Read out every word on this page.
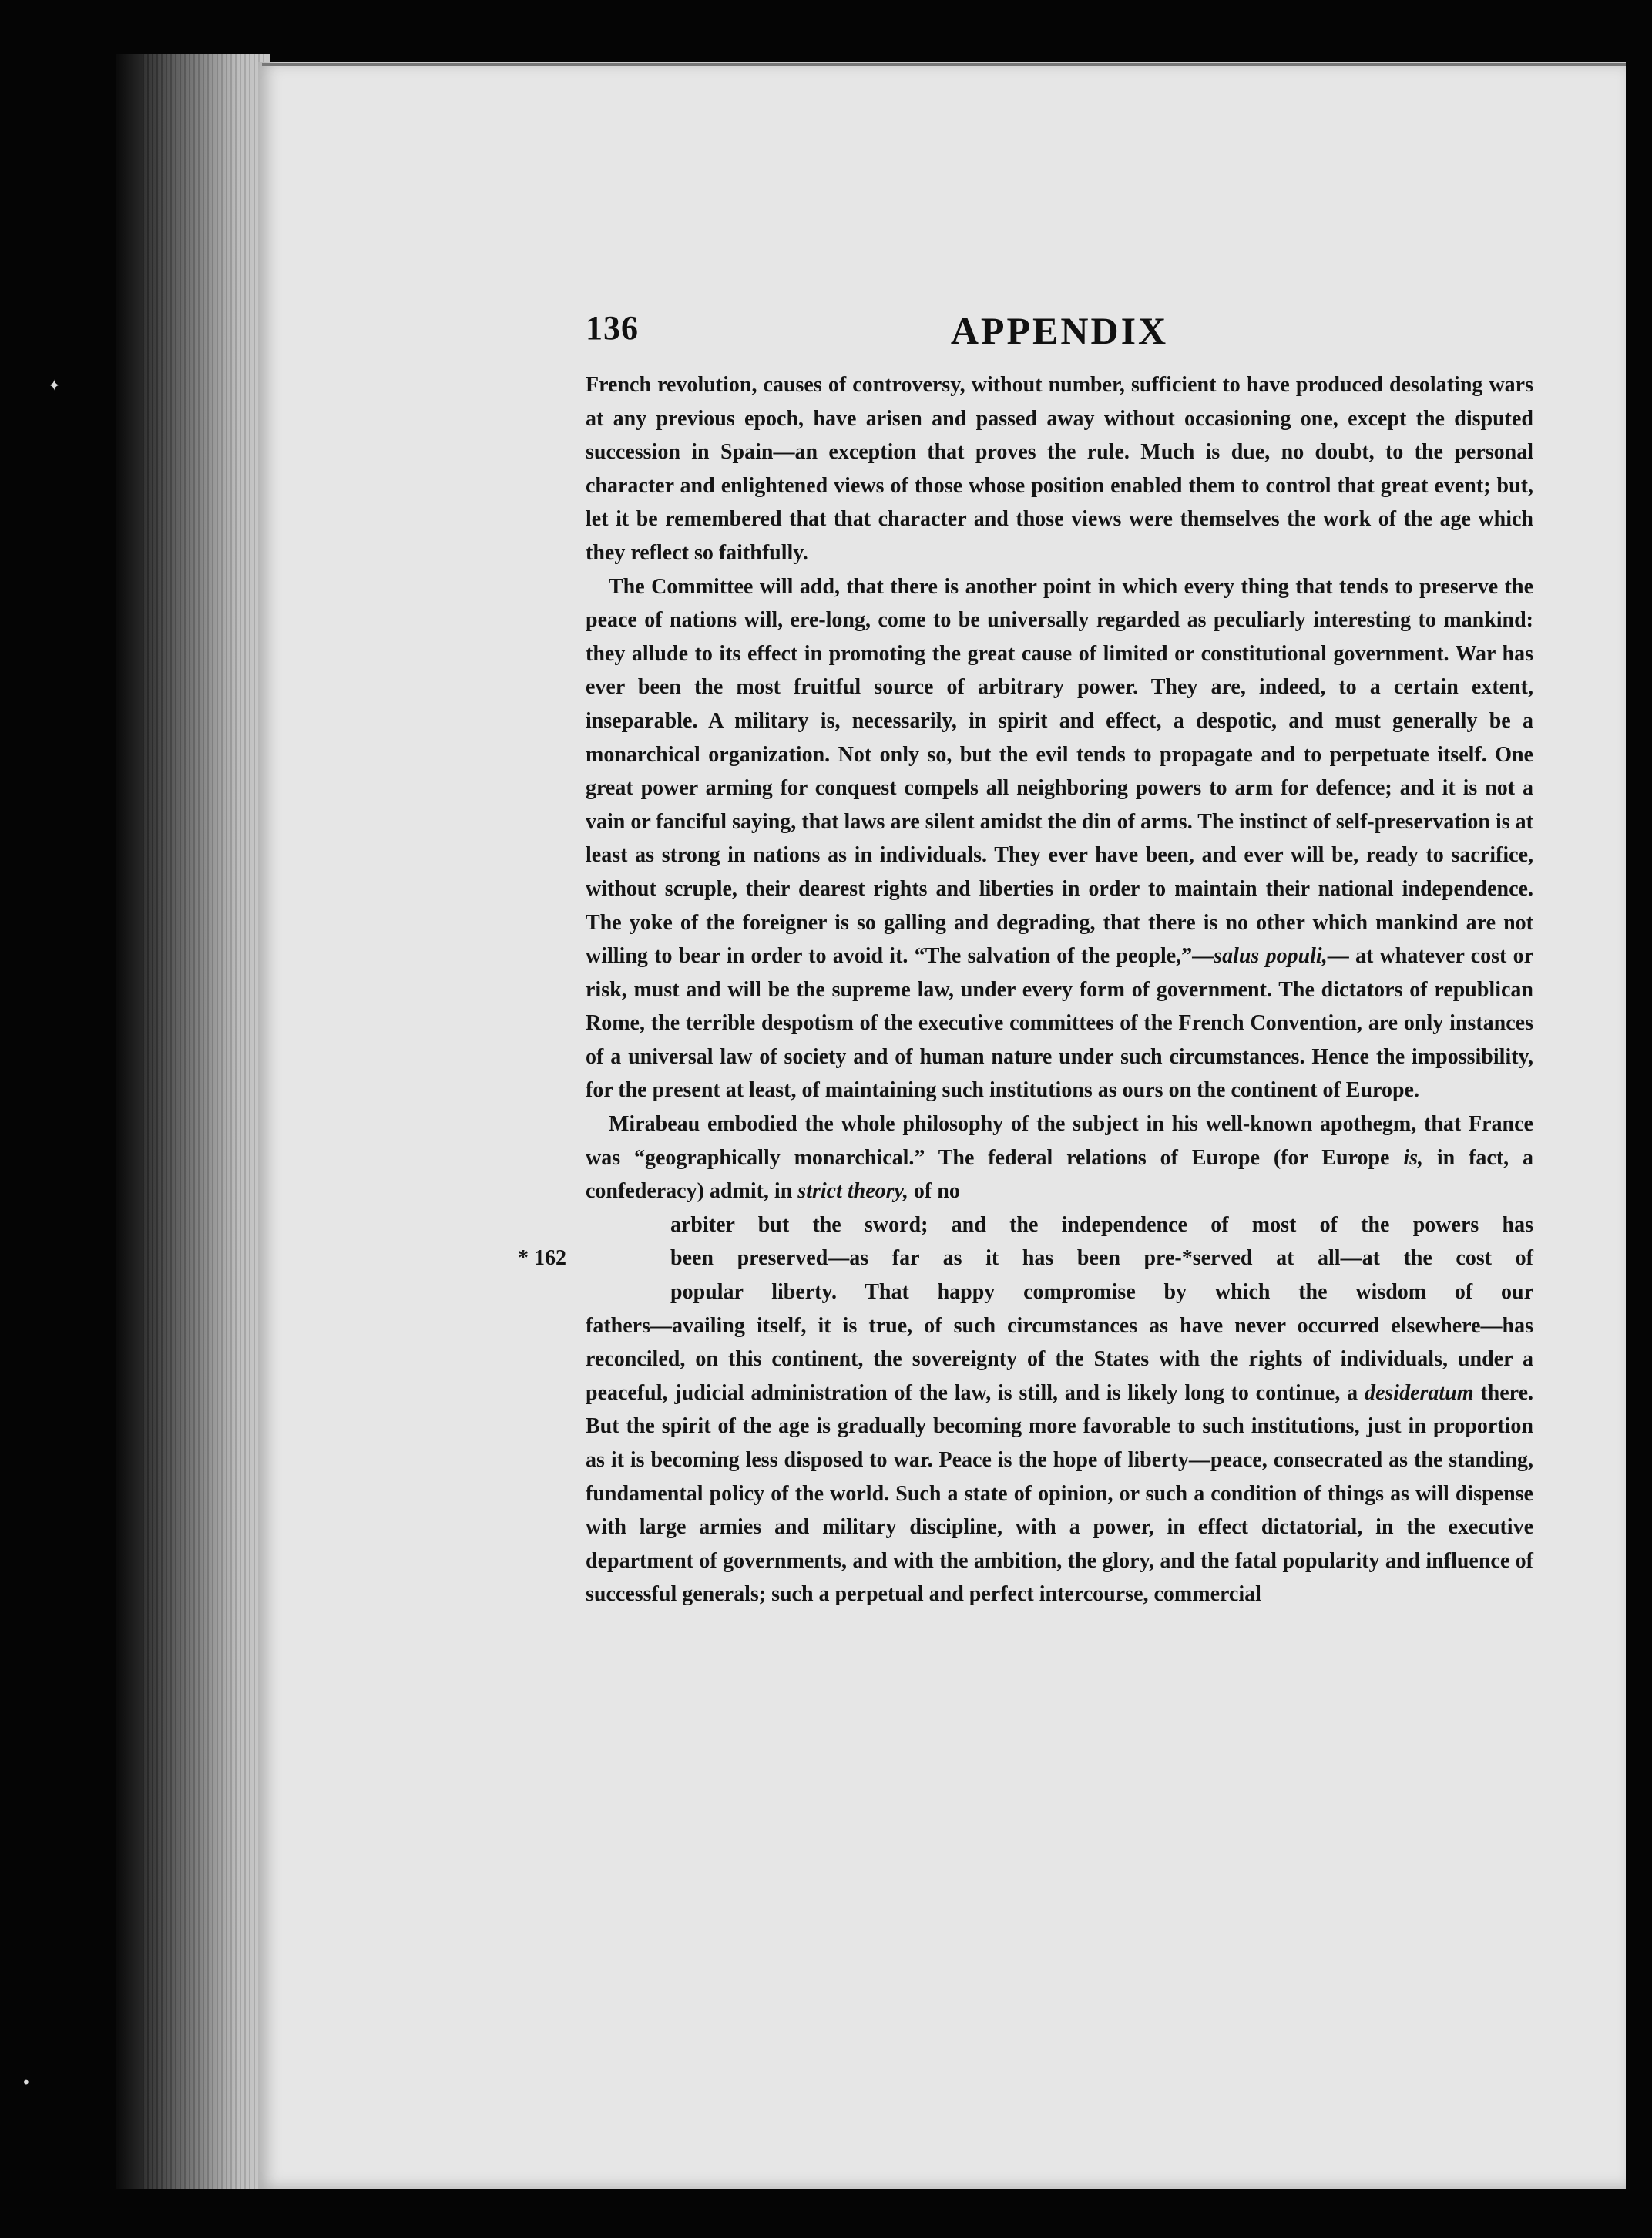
✦
•
APPENDIX
136

French revolution, causes of controversy, without number, sufficient to have produced desolating wars at any previous epoch, have arisen and passed away without occasioning one, except the disputed succession in Spain—an exception that proves the rule. Much is due, no doubt, to the personal character and enlightened views of those whose position enabled them to control that great event; but, let it be remembered that that character and those views were themselves the work of the age which they reflect so faithfully.

The Committee will add, that there is another point in which every thing that tends to preserve the peace of nations will, ere-long, come to be universally regarded as peculiarly interesting to mankind: they allude to its effect in promoting the great cause of limited or constitutional government. War has ever been the most fruitful source of arbitrary power. They are, indeed, to a certain extent, inseparable. A military is, necessarily, in spirit and effect, a despotic, and must generally be a monarchical organization. Not only so, but the evil tends to propagate and to perpetuate itself. One great power arming for conquest compels all neighboring powers to arm for defence; and it is not a vain or fanciful saying, that laws are silent amidst the din of arms. The instinct of self-preservation is at least as strong in nations as in individuals. They ever have been, and ever will be, ready to sacrifice, without scruple, their dearest rights and liberties in order to maintain their national independence. The yoke of the foreigner is so galling and degrading, that there is no other which mankind are not willing to bear in order to avoid it. “The salvation of the people,”—salus populi,— at whatever cost or risk, must and will be the supreme law, under every form of government. The dictators of republican Rome, the terrible despotism of the executive committees of the French Convention, are only instances of a universal law of society and of human nature under such circumstances. Hence the impossibility, for the present at least, of maintaining such institutions as ours on the continent of Europe.

Mirabeau embodied the whole philosophy of the subject in his well-known apothegm, that France was “geographically monarchical.” The federal relations of Europe (for Europe is, in fact, a confederacy) admit, in strict theory, of no

arbiter but the sword; and the independence of most of the powers has
been preserved—as far as it has been pre-*served at all—at the cost of
popular liberty. That happy compromise by which the wisdom of our
* 162

fathers—availing itself, it is true, of such circumstances as have never occurred elsewhere—has reconciled, on this continent, the sovereignty of the States with the rights of individuals, under a peaceful, judicial administration of the law, is still, and is likely long to continue, a desideratum there. But the spirit of the age is gradually becoming more favorable to such institutions, just in proportion as it is becoming less disposed to war. Peace is the hope of liberty—peace, consecrated as the standing, fundamental policy of the world. Such a state of opinion, or such a condition of things as will dispense with large armies and military discipline, with a power, in effect dictatorial, in the executive department of governments, and with the ambition, the glory, and the fatal popularity and influence of successful generals; such a perpetual and perfect intercourse, commercial
